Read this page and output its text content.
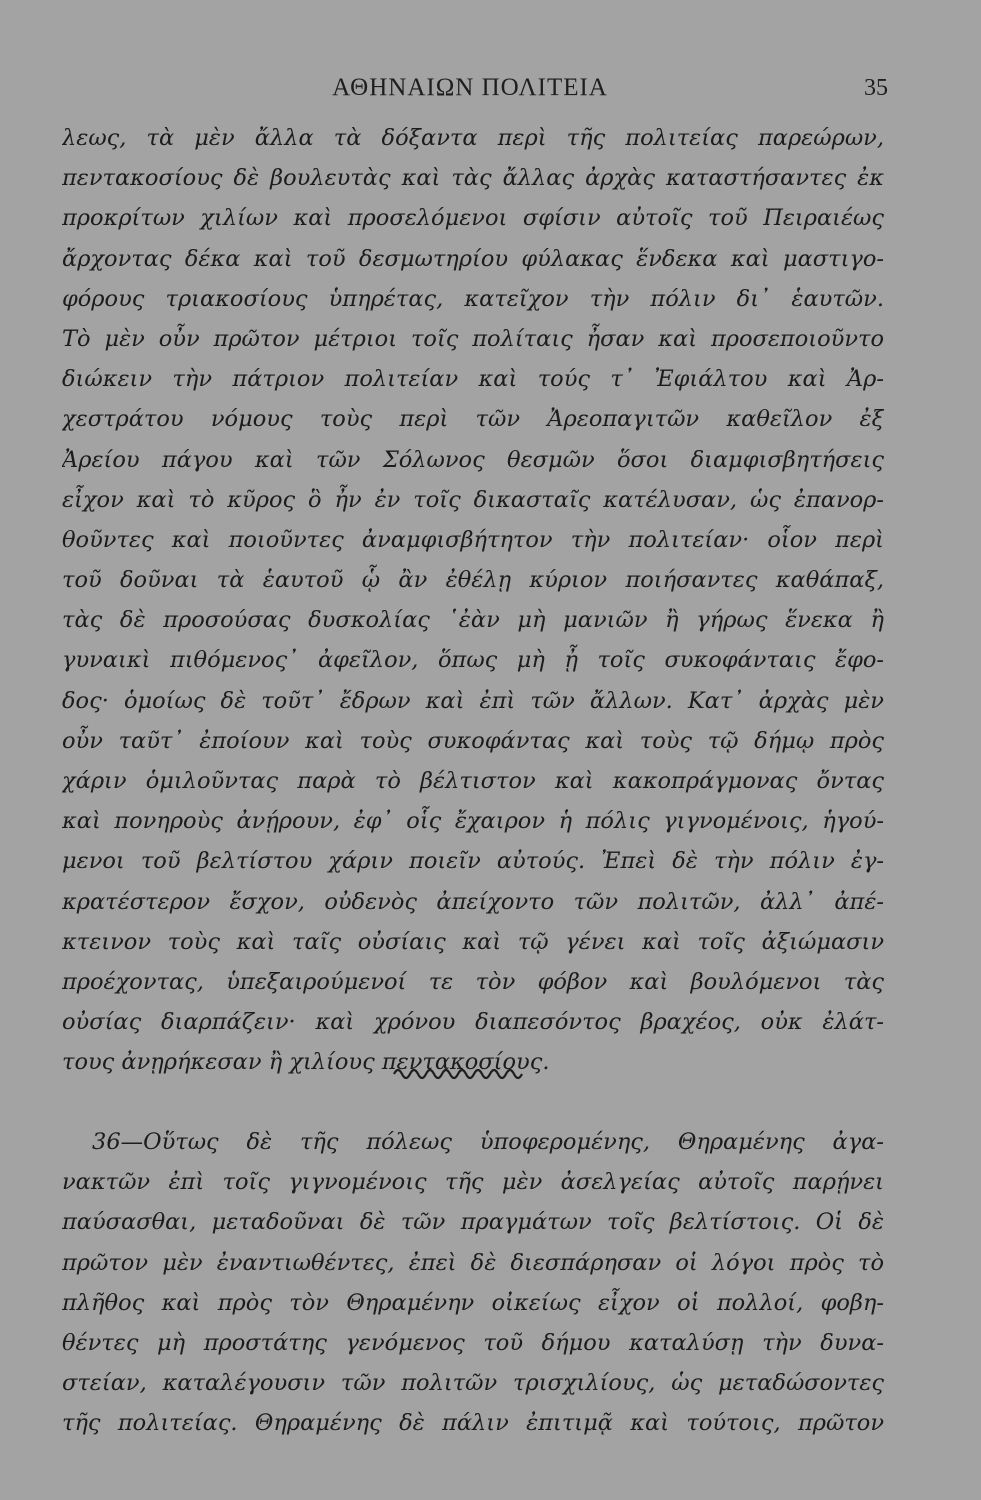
ΑΘΗΝΑΙΩΝ ΠΟΛΙΤΕΙΑ	35
λεως, τὰ μὲν ἄλλα τὰ δόξαντα περὶ τῆς πολιτείας παρεώρων,
πεντακοσίους δὲ βουλευτὰς καὶ τὰς ἄλλας ἀρχὰς καταστήσαντες ἐκ
προκρίτων χιλίων καὶ προσελόμενοι σφίσιν αὐτοῖς τοῦ Πειραιέως
ἄρχοντας δέκα καὶ τοῦ δεσμωτηρίου φύλακας ἕνδεκα καὶ μαστιγο-
φόρους τριακοσίους ὑπηρέτας, κατεῖχον τὴν πόλιν δι᾽ ἑαυτῶν.
Τὸ μὲν οὖν πρῶτον μέτριοι τοῖς πολίταις ἦσαν καὶ προσεποιοῦντο
διώκειν τὴν πάτριον πολιτείαν καὶ τούς τ᾽ Ἐφιάλτου καὶ Ἀρ-
χεστράτου νόμους τοὺς περὶ τῶν Ἀρεοπαγιτῶν καθεῖλον ἐξ
Ἀρείου πάγου καὶ τῶν Σόλωνος θεσμῶν ὅσοι διαμφισβητήσεις
εἶχον καὶ τὸ κῦρος ὃ ἦν ἐν τοῖς δικασταῖς κατέλυσαν, ὡς ἐπανορ-
θοῦντες καὶ ποιοῦντες ἀναμφισβήτητον τὴν πολιτείαν· οἷον περὶ
τοῦ δοῦναι τὰ ἑαυτοῦ ᾧ ἂν ἐθέλῃ κύριον ποιήσαντες καθάπαξ,
τὰς δὲ προσούσας δυσκολίας ῾ἐὰν μὴ μανιῶν ἢ γήρως ἕνεκα ἢ
γυναικὶ πιθόμενος᾽ ἀφεῖλον, ὅπως μὴ ᾖ τοῖς συκοφάνταις ἔφο-
δος· ὁμοίως δὲ τοῦτ᾽ ἔδρων καὶ ἐπὶ τῶν ἄλλων. Κατ᾽ ἀρχὰς μὲν
οὖν ταῦτ᾽ ἐποίουν καὶ τοὺς συκοφάντας καὶ τοὺς τῷ δήμῳ πρὸς
χάριν ὁμιλοῦντας παρὰ τὸ βέλτιστον καὶ κακοπράγμονας ὄντας
καὶ πονηροὺς ἀνῄρουν, ἐφ᾽ οἷς ἔχαιρον ἡ πόλις γιγνομένοις, ἡγού-
μενοι τοῦ βελτίστου χάριν ποιεῖν αὐτούς. Ἐπεὶ δὲ τὴν πόλιν ἐγ-
κρατέστερον ἔσχον, οὐδενὸς ἀπείχοντο τῶν πολιτῶν, ἀλλ᾽ ἀπέ-
κτεινον τοὺς καὶ ταῖς οὐσίαις καὶ τῷ γένει καὶ τοῖς ἀξιώμασιν
προέχοντας, ὑπεξαιρούμενοί τε τὸν φόβον καὶ βουλόμενοι τὰς
οὐσίας διαρπάζειν· καὶ χρόνου διαπεσόντος βραχέος, οὐκ ἐλάτ-
τους ἀνῃρήκεσαν ἢ χιλίους πεντακοσίους.
36—Οὕτως δὲ τῆς πόλεως ὑποφερομένης, Θηραμένης ἀγα-
νακτῶν ἐπὶ τοῖς γιγνομένοις τῆς μὲν ἀσελγείας αὐτοῖς παρῄνει
παύσασθαι, μεταδοῦναι δὲ τῶν πραγμάτων τοῖς βελτίστοις. Οἱ δὲ
πρῶτον μὲν ἐναντιωθέντες, ἐπεὶ δὲ διεσπάρησαν οἱ λόγοι πρὸς τὸ
πλῆθος καὶ πρὸς τὸν Θηραμένην οἰκείως εἶχον οἱ πολλοί, φοβη-
θέντες μὴ προστάτης γενόμενος τοῦ δήμου καταλύσῃ τὴν δυνα-
στείαν, καταλέγουσιν τῶν πολιτῶν τρισχιλίους, ὡς μεταδώσοντες
τῆς πολιτείας. Θηραμένης δὲ πάλιν ἐπιτιμᾷ καὶ τούτοις, πρῶτον
